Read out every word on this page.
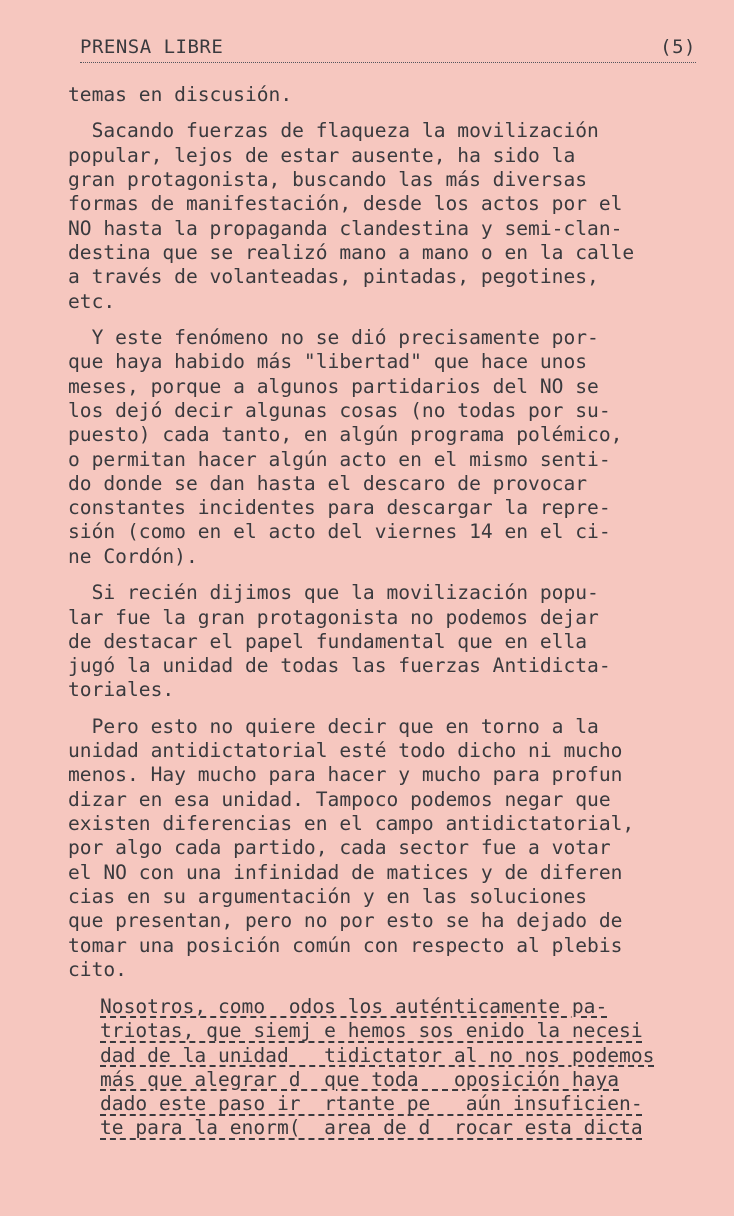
PRENSA LIBRE	(5)
temas en discusión.
Sacando fuerzas de flaqueza la movilización
popular, lejos de estar ausente, ha sido la
gran protagonista, buscando las más diversas
formas de manifestación, desde los actos por el
NO hasta la propaganda clandestina y semi-clan-
destina que se realizó mano a mano o en la calle
a través de volanteadas, pintadas, pegotines,
etc.
Y este fenómeno no se dió precisamente por-
que haya habido más "libertad" que hace unos
meses, porque a algunos partidarios del NO se
los dejó decir algunas cosas (no todas por su-
puesto) cada tanto, en algún programa polémico,
o permitan hacer algún acto en el mismo senti-
do donde se dan hasta el descaro de provocar
constantes incidentes para descargar la repre-
sión (como en el acto del viernes 14 en el ci-
ne Cordón).
Si recién dijimos que la movilización popu-
lar fue la gran protagonista no podemos dejar
de destacar el papel fundamental que en ella
jugó la unidad de todas las fuerzas Antidicta-
toriales.
Pero esto no quiere decir que en torno a la
unidad antidictatorial esté todo dicho ni mucho
menos. Hay mucho para hacer y mucho para profun
dizar en esa unidad. Tampoco podemos negar que
existen diferencias en el campo antidictatorial,
por algo cada partido, cada sector fue a votar
el NO con una infinidad de matices y de diferen
cias en su argumentación y en las soluciones
que presentan, pero no por esto se ha dejado de
tomar una posición común con respecto al plebis
cito.
Nosotros, como  odos los auténticamente pa-
triotas, que siemj e hemos sos enido la necesi
dad de la unidad   tidictator al no nos podemos
más que alegrar d  que toda   oposición haya
dado este paso ir  rtante pe   aún insuficien-
te para la enorm(  area de d  rocar esta dicta
